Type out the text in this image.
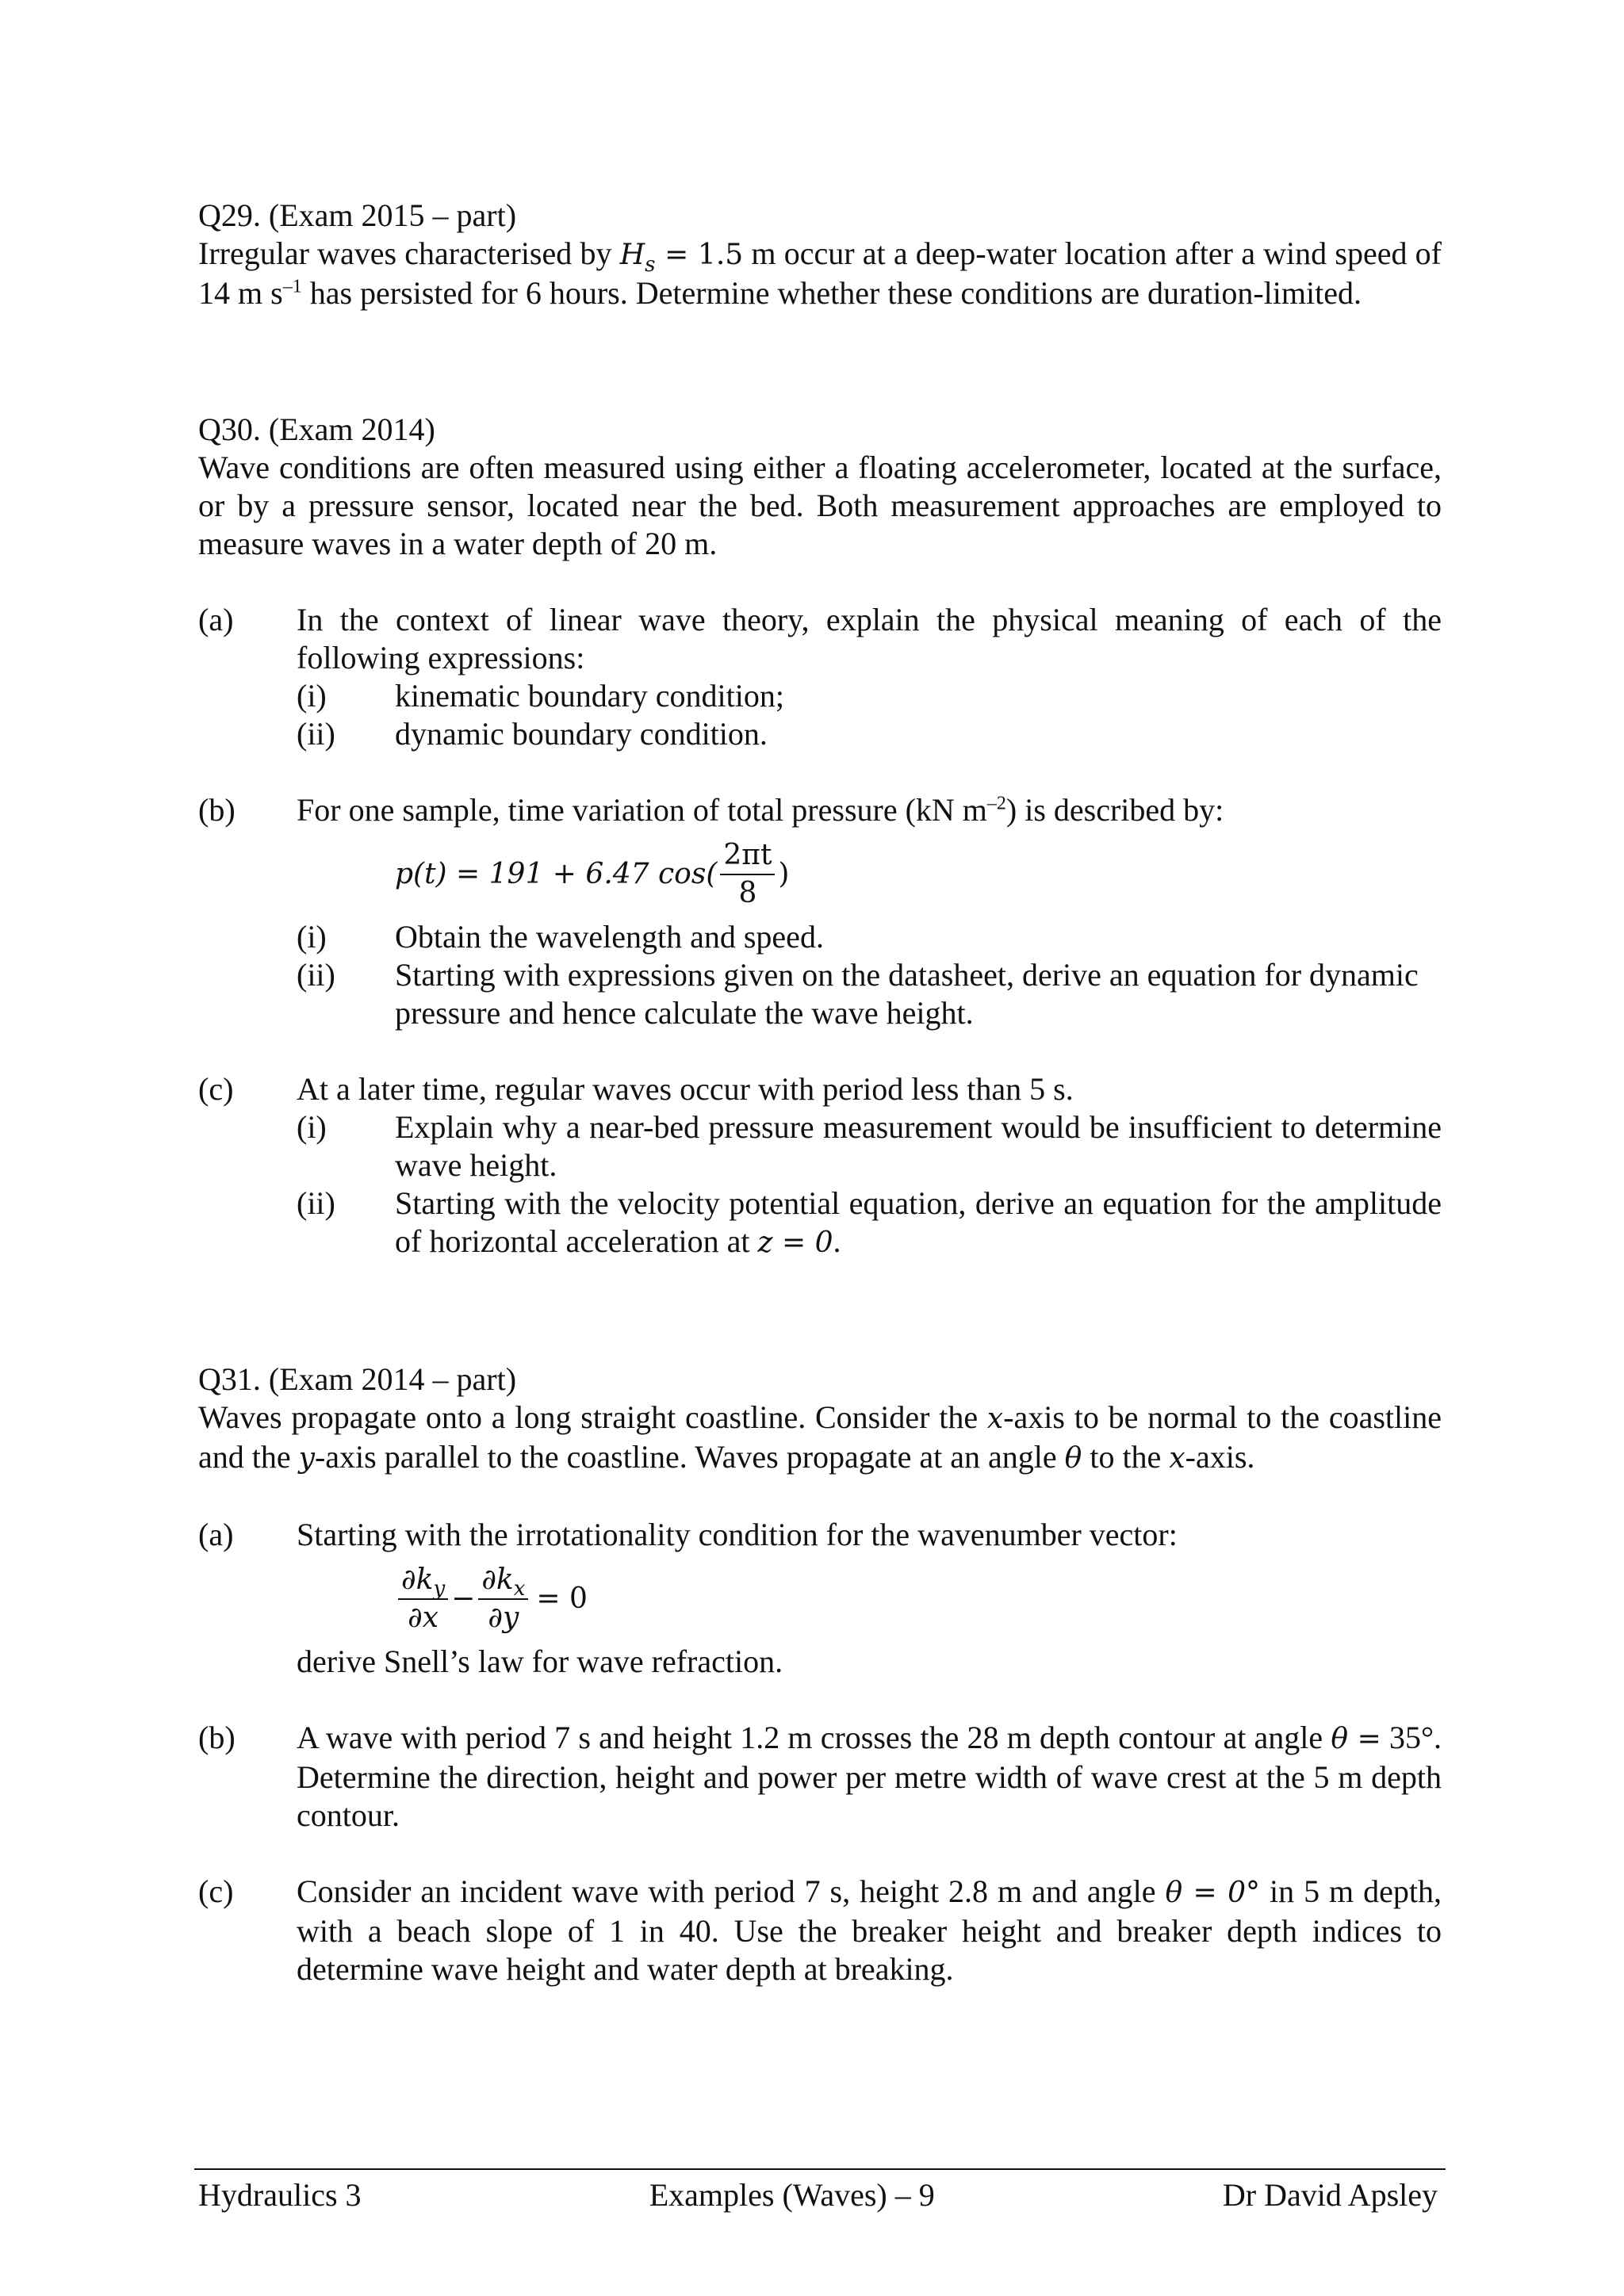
Q29. (Exam 2015 – part)

Irregular waves characterised by $H_s = 1.5$ m occur at a deep-water location after a wind speed of 14 m $s^{-1}$ has persisted for 6 hours. Determine whether these conditions are duration-limited.

Q30. (Exam 2014)

Wave conditions are often measured using either a floating accelerometer, located at the surface, or by a pressure sensor, located near the bed. Both measurement approaches are employed to measure waves in a water depth of 20 m.

(a)	In the context of linear wave theory, explain the physical meaning of each of the following expressions:
(i)	kinematic boundary condition;
(ii)	dynamic boundary condition.
(b)	For one sample, time variation of total pressure (kN $m^{-2}$) is described by:
p(t) = 191 + 6.47 $\cos( \frac{2\pi t}{8}$ )
(i)	Obtain the wavelength and speed.
(ii)	Starting with expressions given on the datasheet, derive an equation for dynamic pressure and hence calculate the wave height.
(c)	At a later time, regular waves occur with period less than 5 s.
(i)	Explain why a near-bed pressure measurement would be insufficient to determine wave height.
(ii)	Starting with the velocity potential equation, derive an equation for the amplitude of horizontal acceleration at z = 0.

Q31. (Exam 2014 – part)

Waves propagate onto a long straight coastline. Consider the x-axis to be normal to the coastline and the y-axis parallel to the coastline. Waves propagate at an angle θ to the x-axis.

(a)	Starting with the irrotationality condition for the wavenumber vector:
$\frac{\partial k_y}{\partial x} - \frac{\partial k_x}{\partial y} = 0$
derive Snell’s law for wave refraction.
(b)	A wave with period 7 s and height 1.2 m crosses the 28 m depth contour at angle θ = 35°. Determine the direction, height and power per metre width of wave crest at the 5 m depth contour.
(c)	Consider an incident wave with period 7 s, height 2.8 m and angle θ = 0° in 5 m depth, with a beach slope of 1 in 40. Use the breaker height and breaker depth indices to determine wave height and water depth at breaking.
Hydraulics 3	Examples (Waves) – 9	Dr David Apsley
